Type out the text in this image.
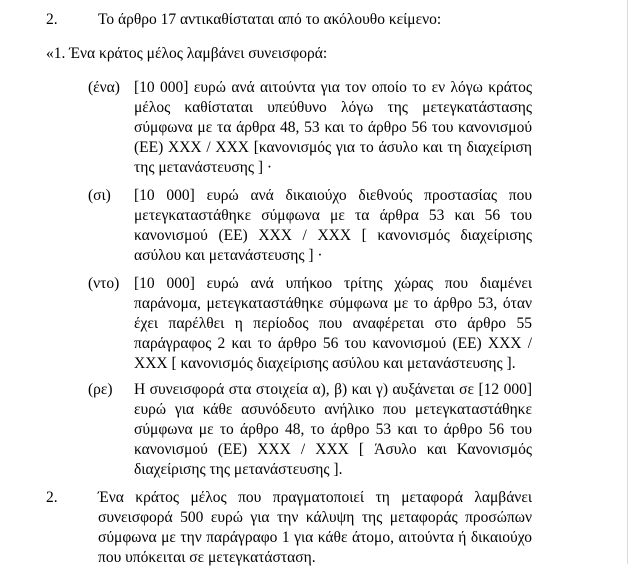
2.	Το άρθρο 17 αντικαθίσταται από το ακόλουθο κείμενο:
«1. Ένα κράτος μέλος λαμβάνει συνεισφορά:
(ένα) [10 000] ευρώ ανά αιτούντα για τον οποίο το εν λόγω κράτος
μέλος καθίσταται υπεύθυνο λόγω της μετεγκατάστασης
σύμφωνα με τα άρθρα 48, 53 και το άρθρο 56 του κανονισμού
(ΕΕ) XXX / XXX [κανονισμός για το άσυλο και τη διαχείριση
της μετανάστευσης ] ·
(σι) [10 000] ευρώ ανά δικαιούχο διεθνούς προστασίας που
μετεγκαταστάθηκε σύμφωνα με τα άρθρα 53 και 56 του
κανονισμού (ΕΕ) XXX / XXX [ κανονισμός διαχείρισης
ασύλου και μετανάστευσης ] ·
(ντο) [10 000] ευρώ ανά υπήκοο τρίτης χώρας που διαμένει
παράνομα, μετεγκαταστάθηκε σύμφωνα με το άρθρο 53, όταν
έχει παρέλθει η περίοδος που αναφέρεται στο άρθρο 55
παράγραφος 2 και το άρθρο 56 του κανονισμού (ΕΕ) XXX /
XXX [ κανονισμός διαχείρισης ασύλου και μετανάστευσης ].
(ρε) Η συνεισφορά στα στοιχεία α), β) και γ) αυξάνεται σε [12 000]
ευρώ για κάθε ασυνόδευτο ανήλικο που μετεγκαταστάθηκε
σύμφωνα με το άρθρο 48, το άρθρο 53 και το άρθρο 56 του
κανονισμού (ΕΕ) XXX / XXX [ Άσυλο και Κανονισμός
διαχείρισης της μετανάστευσης ].
2.	Ένα κράτος μέλος που πραγματοποιεί τη μεταφορά λαμβάνει
συνεισφορά 500 ευρώ για την κάλυψη της μεταφοράς προσώπων
σύμφωνα με την παράγραφο 1 για κάθε άτομο, αιτούντα ή δικαιούχο
που υπόκειται σε μετεγκατάσταση.
